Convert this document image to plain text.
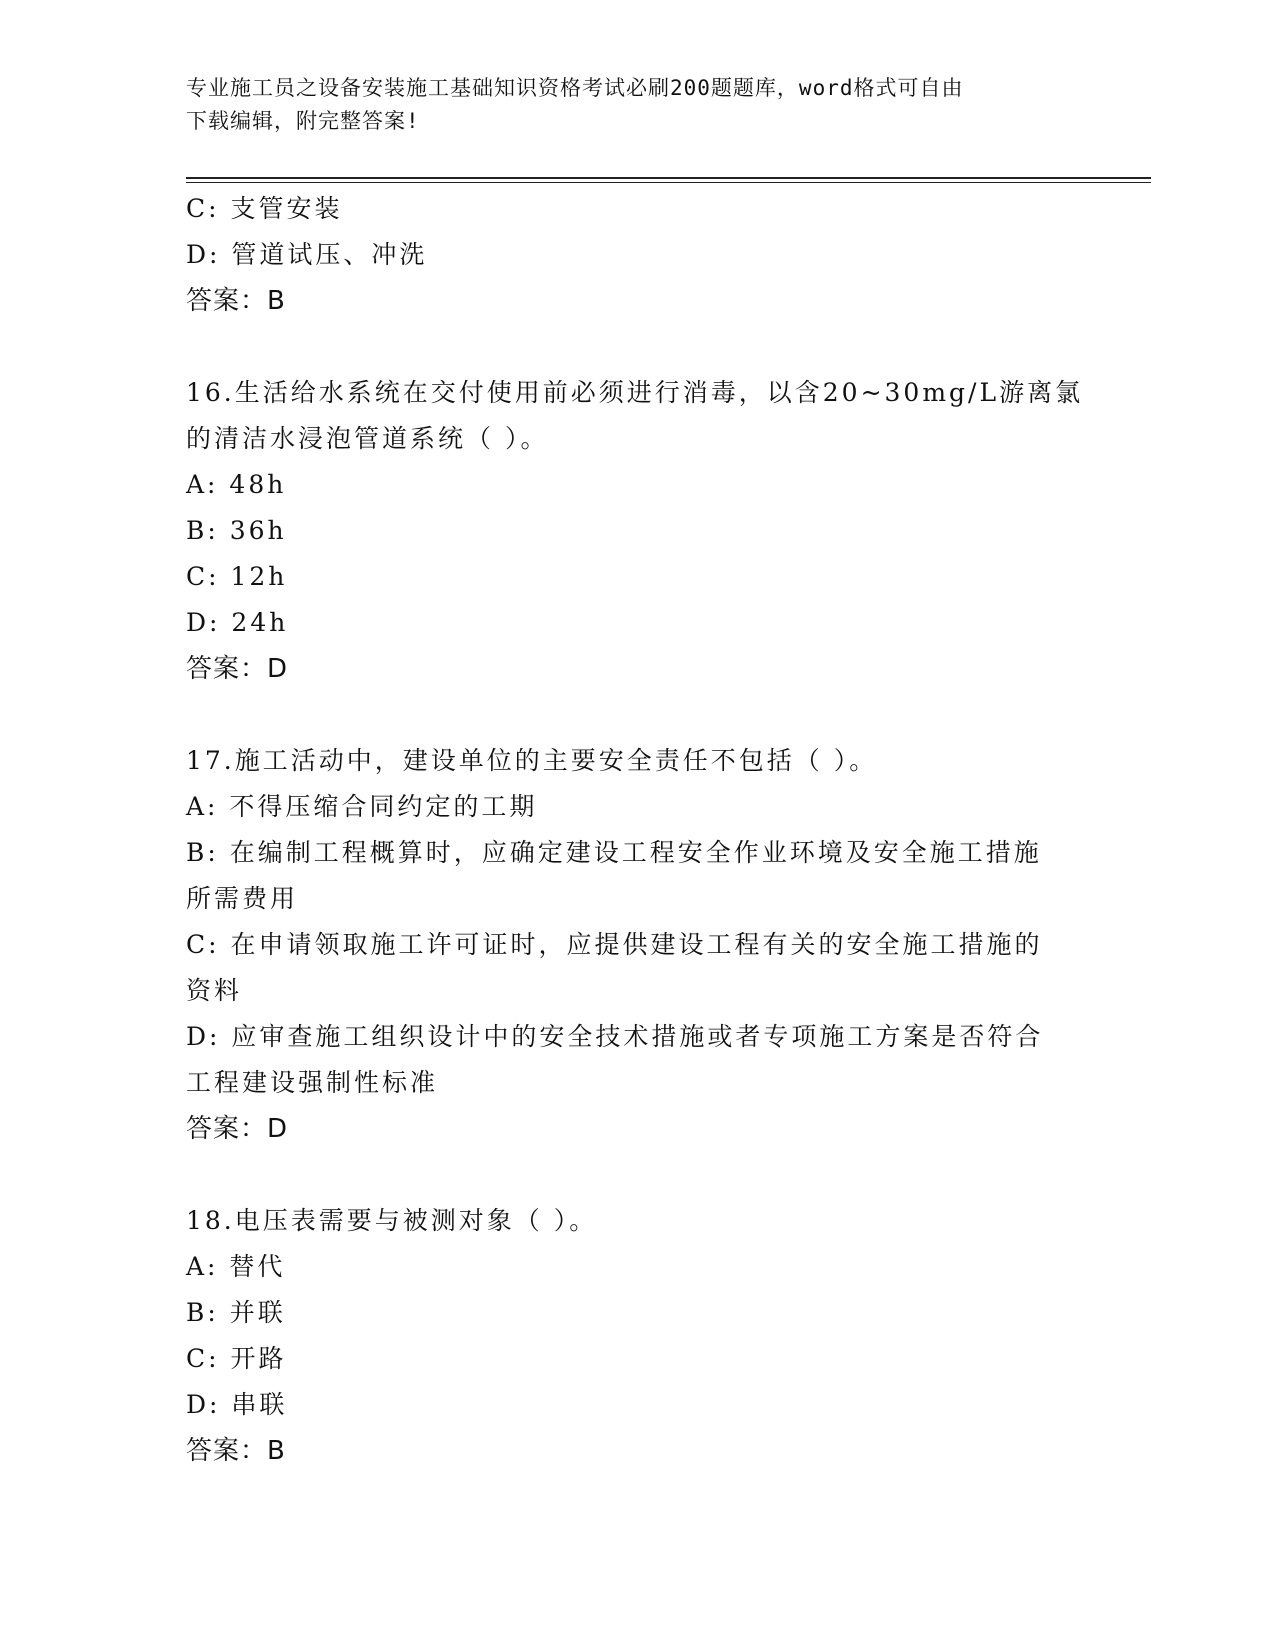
专业施工员之设备安装施工基础知识资格考试必刷200题题库，word格式可自由
下载编辑，附完整答案!
C: 支管安装
D: 管道试压、冲洗
答案：B
16.生活给水系统在交付使用前必须进行消毒，以含20~30mg/L游离氯
的清洁水浸泡管道系统（ ）。
A: 48h
B: 36h
C: 12h
D: 24h
答案：D
17.施工活动中，建设单位的主要安全责任不包括（ ）。
A: 不得压缩合同约定的工期
B: 在编制工程概算时，应确定建设工程安全作业环境及安全施工措施
所需费用
C: 在申请领取施工许可证时，应提供建设工程有关的安全施工措施的
资料
D: 应审查施工组织设计中的安全技术措施或者专项施工方案是否符合
工程建设强制性标准
答案：D
18.电压表需要与被测对象（ ）。
A: 替代
B: 并联
C: 开路
D: 串联
答案：B
